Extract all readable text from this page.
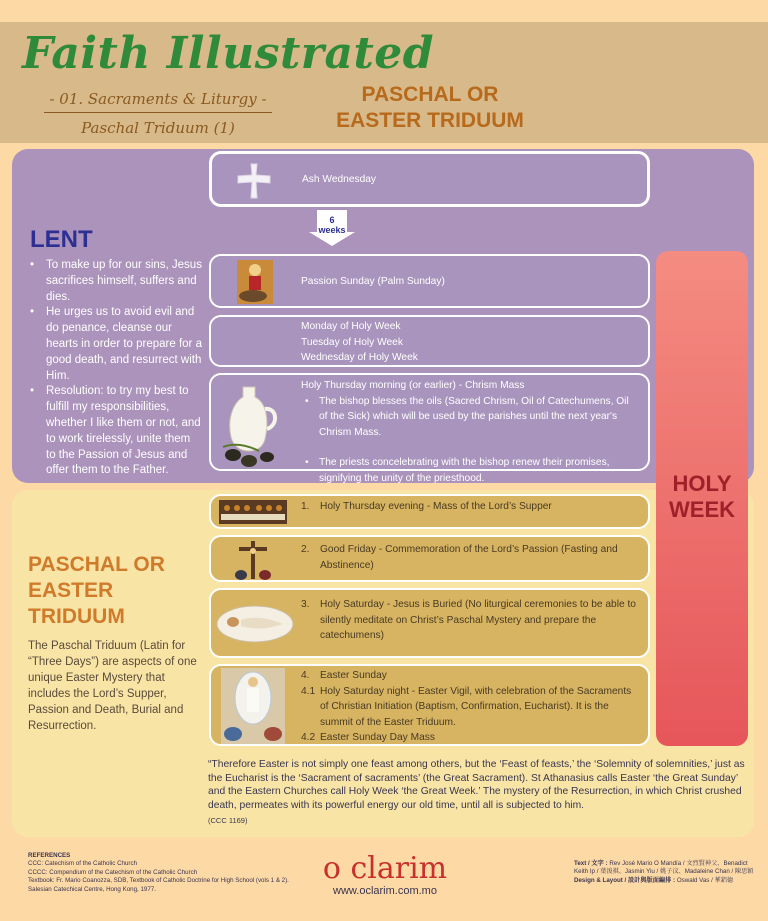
Faith Illustrated
- 01. Sacraments & Liturgy -
Paschal Triduum (1)
PASCHAL OR EASTER TRIDUUM
HOLY WEEK
LENT
• To make up for our sins, Jesus sacrifices himself, suffers and dies.
• He urges us to avoid evil and do penance, cleanse our hearts in order to prepare for a good death, and resurrect with Him.
• Resolution: to try my best to fulfill my responsibilities, whether I like them or not, and to work tirelessly, unite them to the Passion of Jesus and offer them to the Father.
Ash Wednesday
6
weeks
Passion Sunday (Palm Sunday)
Monday of Holy Week
Tuesday of Holy Week
Wednesday of Holy Week
Holy Thursday morning (or earlier) - Chrism Mass
• The bishop blesses the oils (Sacred Chrism, Oil of Catechumens, Oil of the Sick) which will be used by the parishes until the next year's Chrism Mass.
• The priests concelebrating with the bishop renew their promises, signifying the unity of the priesthood.
PASCHAL OR EASTER TRIDUUM
The Paschal Triduum (Latin for “Three Days”) are aspects of one unique Easter Mystery that includes the Lord’s Supper, Passion and Death, Burial and Resurrection.
1. Holy Thursday evening - Mass of the Lord’s Supper
2. Good Friday - Commemoration of the Lord’s Passion (Fasting and Abstinence)
3. Holy Saturday - Jesus is Buried (No liturgical ceremonies to be able to silently meditate on Christ’s Paschal Mystery and prepare the catechumens)
4.	Easter Sunday
4.1 Holy Saturday night - Easter Vigil, with celebration of the Sacraments of Christian Initiation (Baptism, Confirmation, Eucharist). It is the summit of the Easter Triduum.
4.2 Easter Sunday Day Mass
“Therefore Easter is not simply one feast among others, but the ‘Feast of feasts,’ the ‘Solemnity of solemnities,’ just as the Eucharist is the ‘Sacrament of sacraments’ (the Great Sacrament). St Athanasius calls Easter ‘the Great Sunday’ and the Eastern Churches call Holy Week ‘the Great Week.’ The mystery of the Resurrection, in which Christ crushed death, permeates with its powerful energy our old time, until all is subjected to him.
(CCC 1169)
REFERENCES
CCC: Catechism of the Catholic Church
CCCC: Compendium of the Catechism of the Catholic Church
Textbook: Fr. Mario Coanozza, SDB, Textbook of Catholic Doctrine for High School (vols 1 & 2). Salesian Catechical Centre, Hong Kong, 1977.
o clarim
www.oclarim.com.mo
Text / 文字 : Rev José Mario O Mandía / 文烈賢神父、Benadict Keith Ip / 葉浚祺、Jasmin Yiu / 姚子汶、Madaleine Chan / 陳思穎
Design & Layout / 設計與版面編排 : Oswald Vas / 華鋁德
